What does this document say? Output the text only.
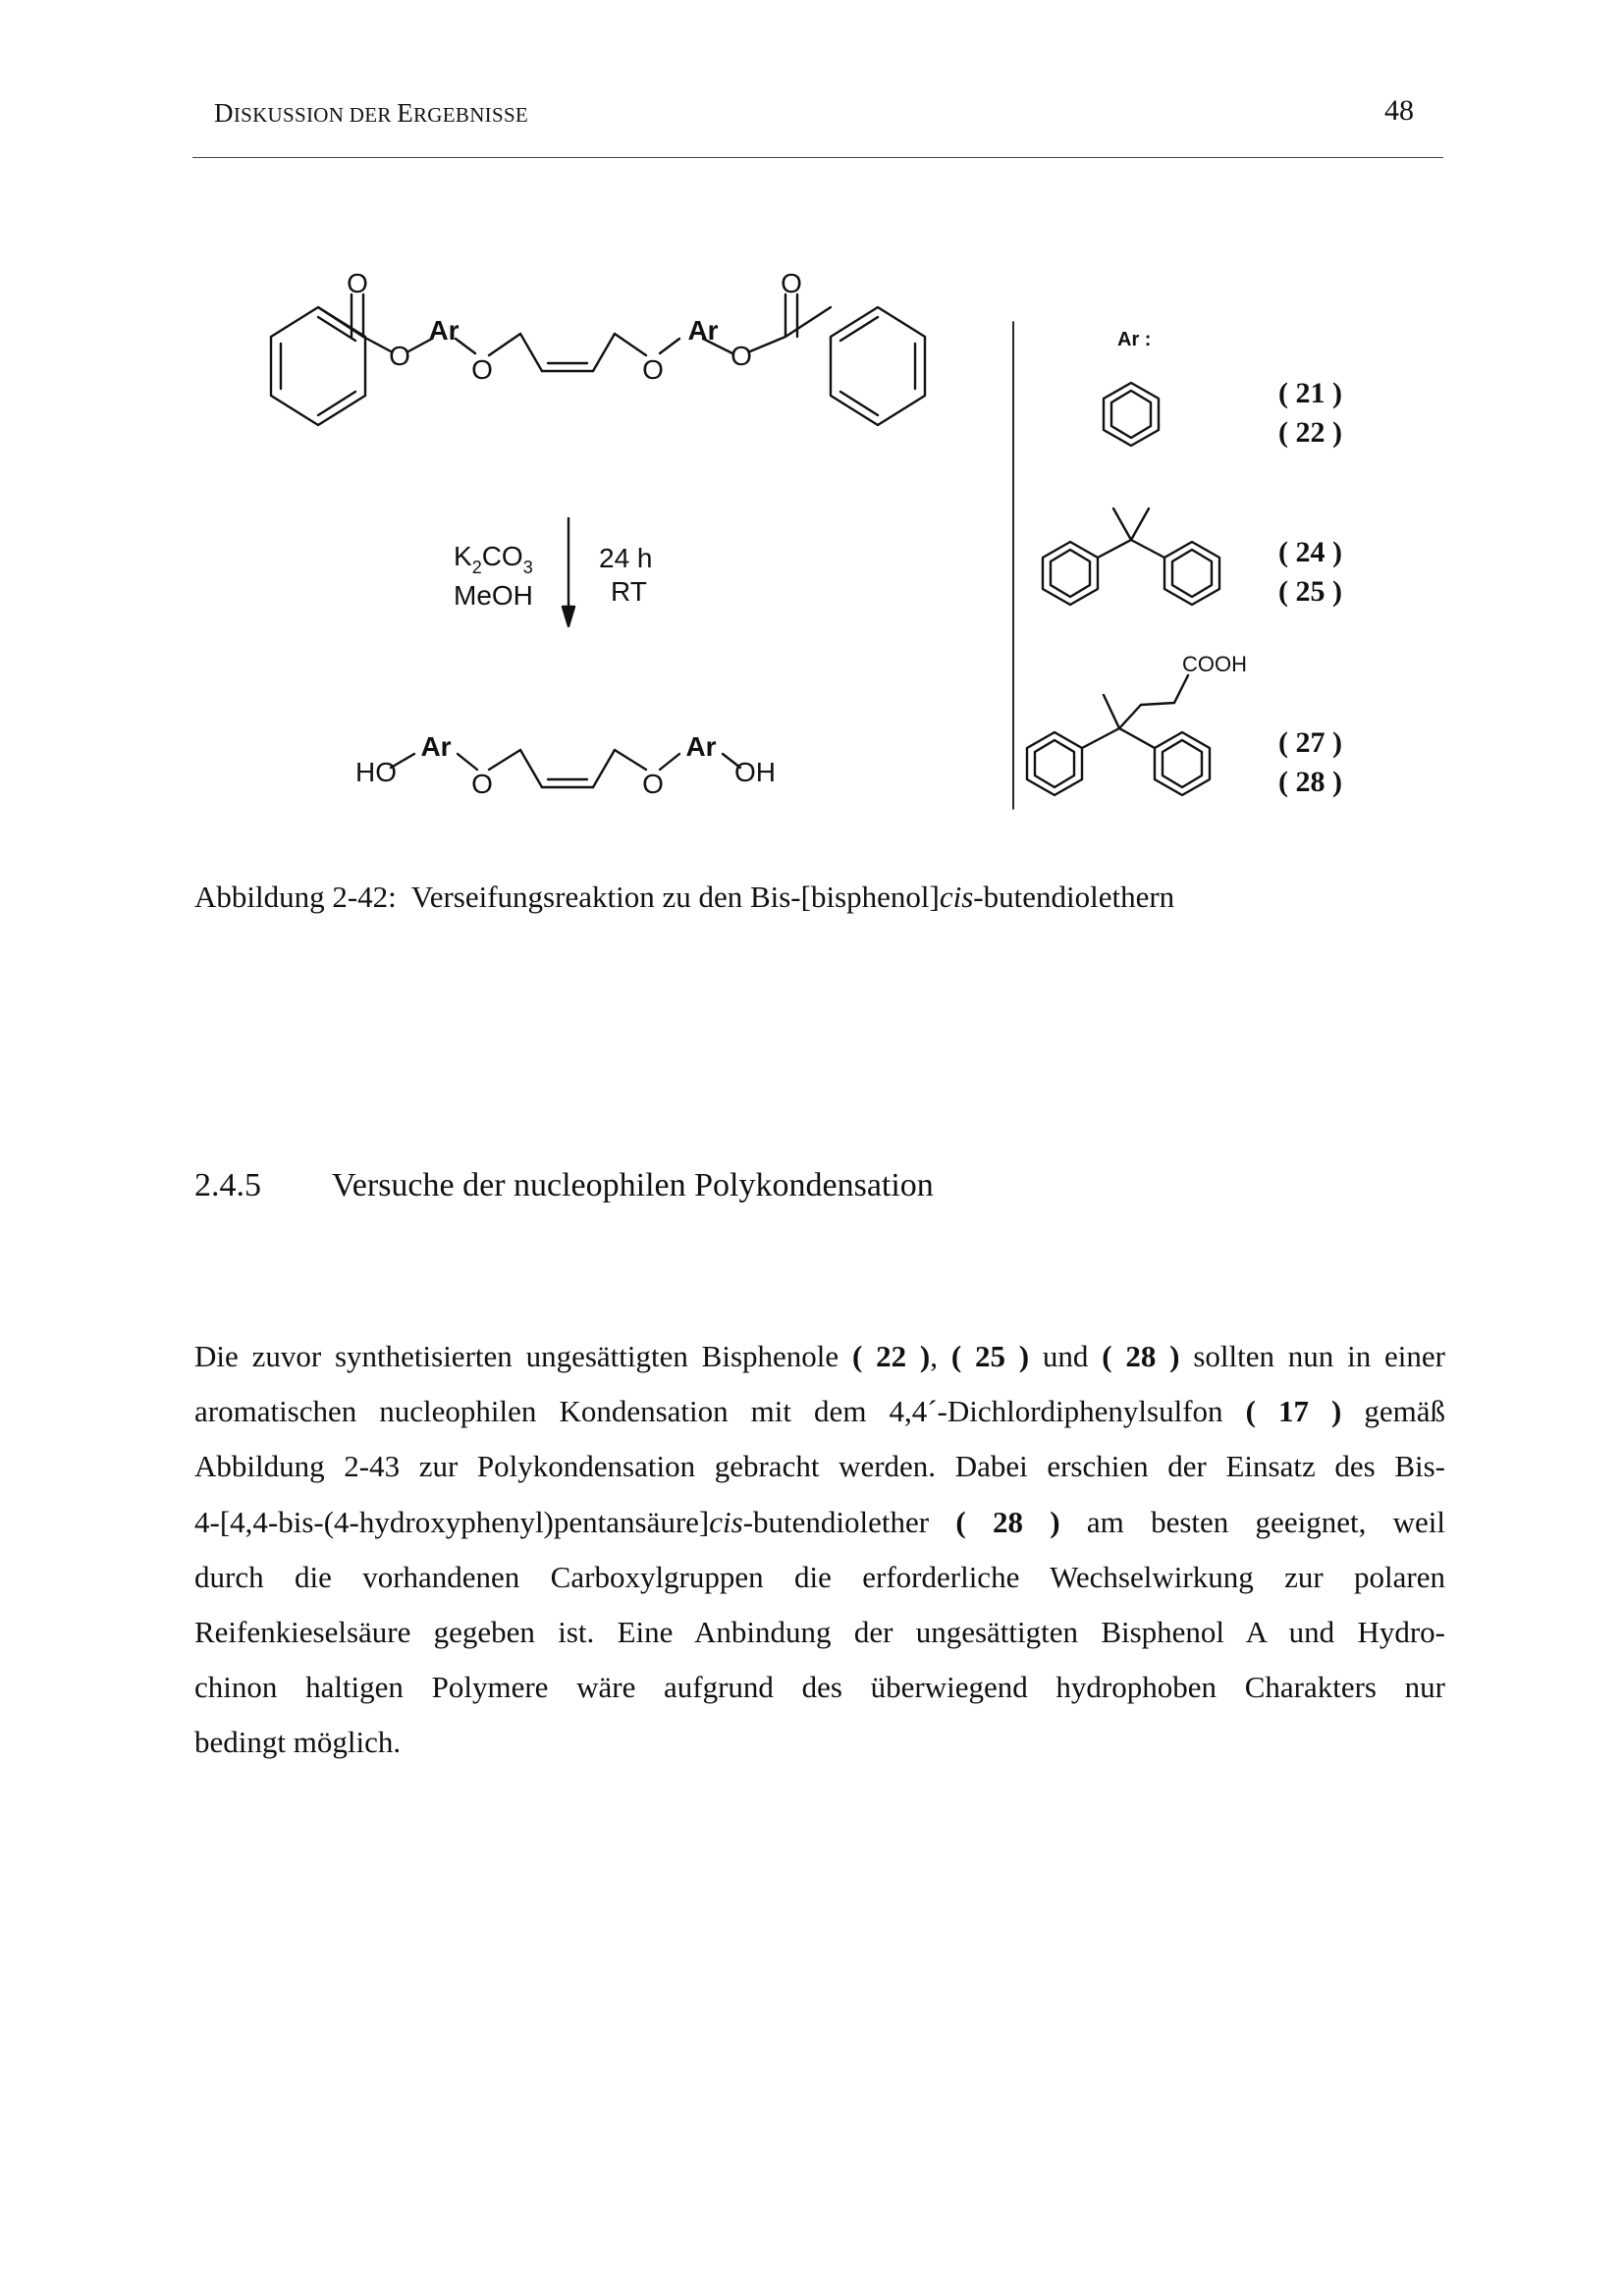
DISKUSSION DER ERGEBNISSE	48
O
O
Ar
O	O
Ar
O
O
$K_2CO_3$
MeOH
24 h
RT
HO
Ar
O	O
Ar
OH
Ar :
COOH
( 21 )
( 22 )
( 24 )
( 25 )
( 27 )
( 28 )
Abbildung 2-42: Verseifungsreaktion zu den Bis-[bisphenol]cis-butendiolethern
2.4.5 Versuche der nucleophilen Polykondensation
Die zuvor synthetisierten ungesättigten Bisphenole ( 22 ), ( 25 ) und ( 28 ) sollten nun in einer
aromatischen nucleophilen Kondensation mit dem 4,4´-Dichlordiphenylsulfon ( 17 ) gemäß
Abbildung 2-43 zur Polykondensation gebracht werden. Dabei erschien der Einsatz des Bis-
4-[4,4-bis-(4-hydroxyphenyl)pentansäure]cis-butendiolether ( 28 ) am besten geeignet, weil
durch die vorhandenen Carboxylgruppen die erforderliche Wechselwirkung zur polaren
Reifenkieselsäure gegeben ist. Eine Anbindung der ungesättigten Bisphenol A und Hydro-
chinon haltigen Polymere wäre aufgrund des überwiegend hydrophoben Charakters nur
bedingt möglich.
